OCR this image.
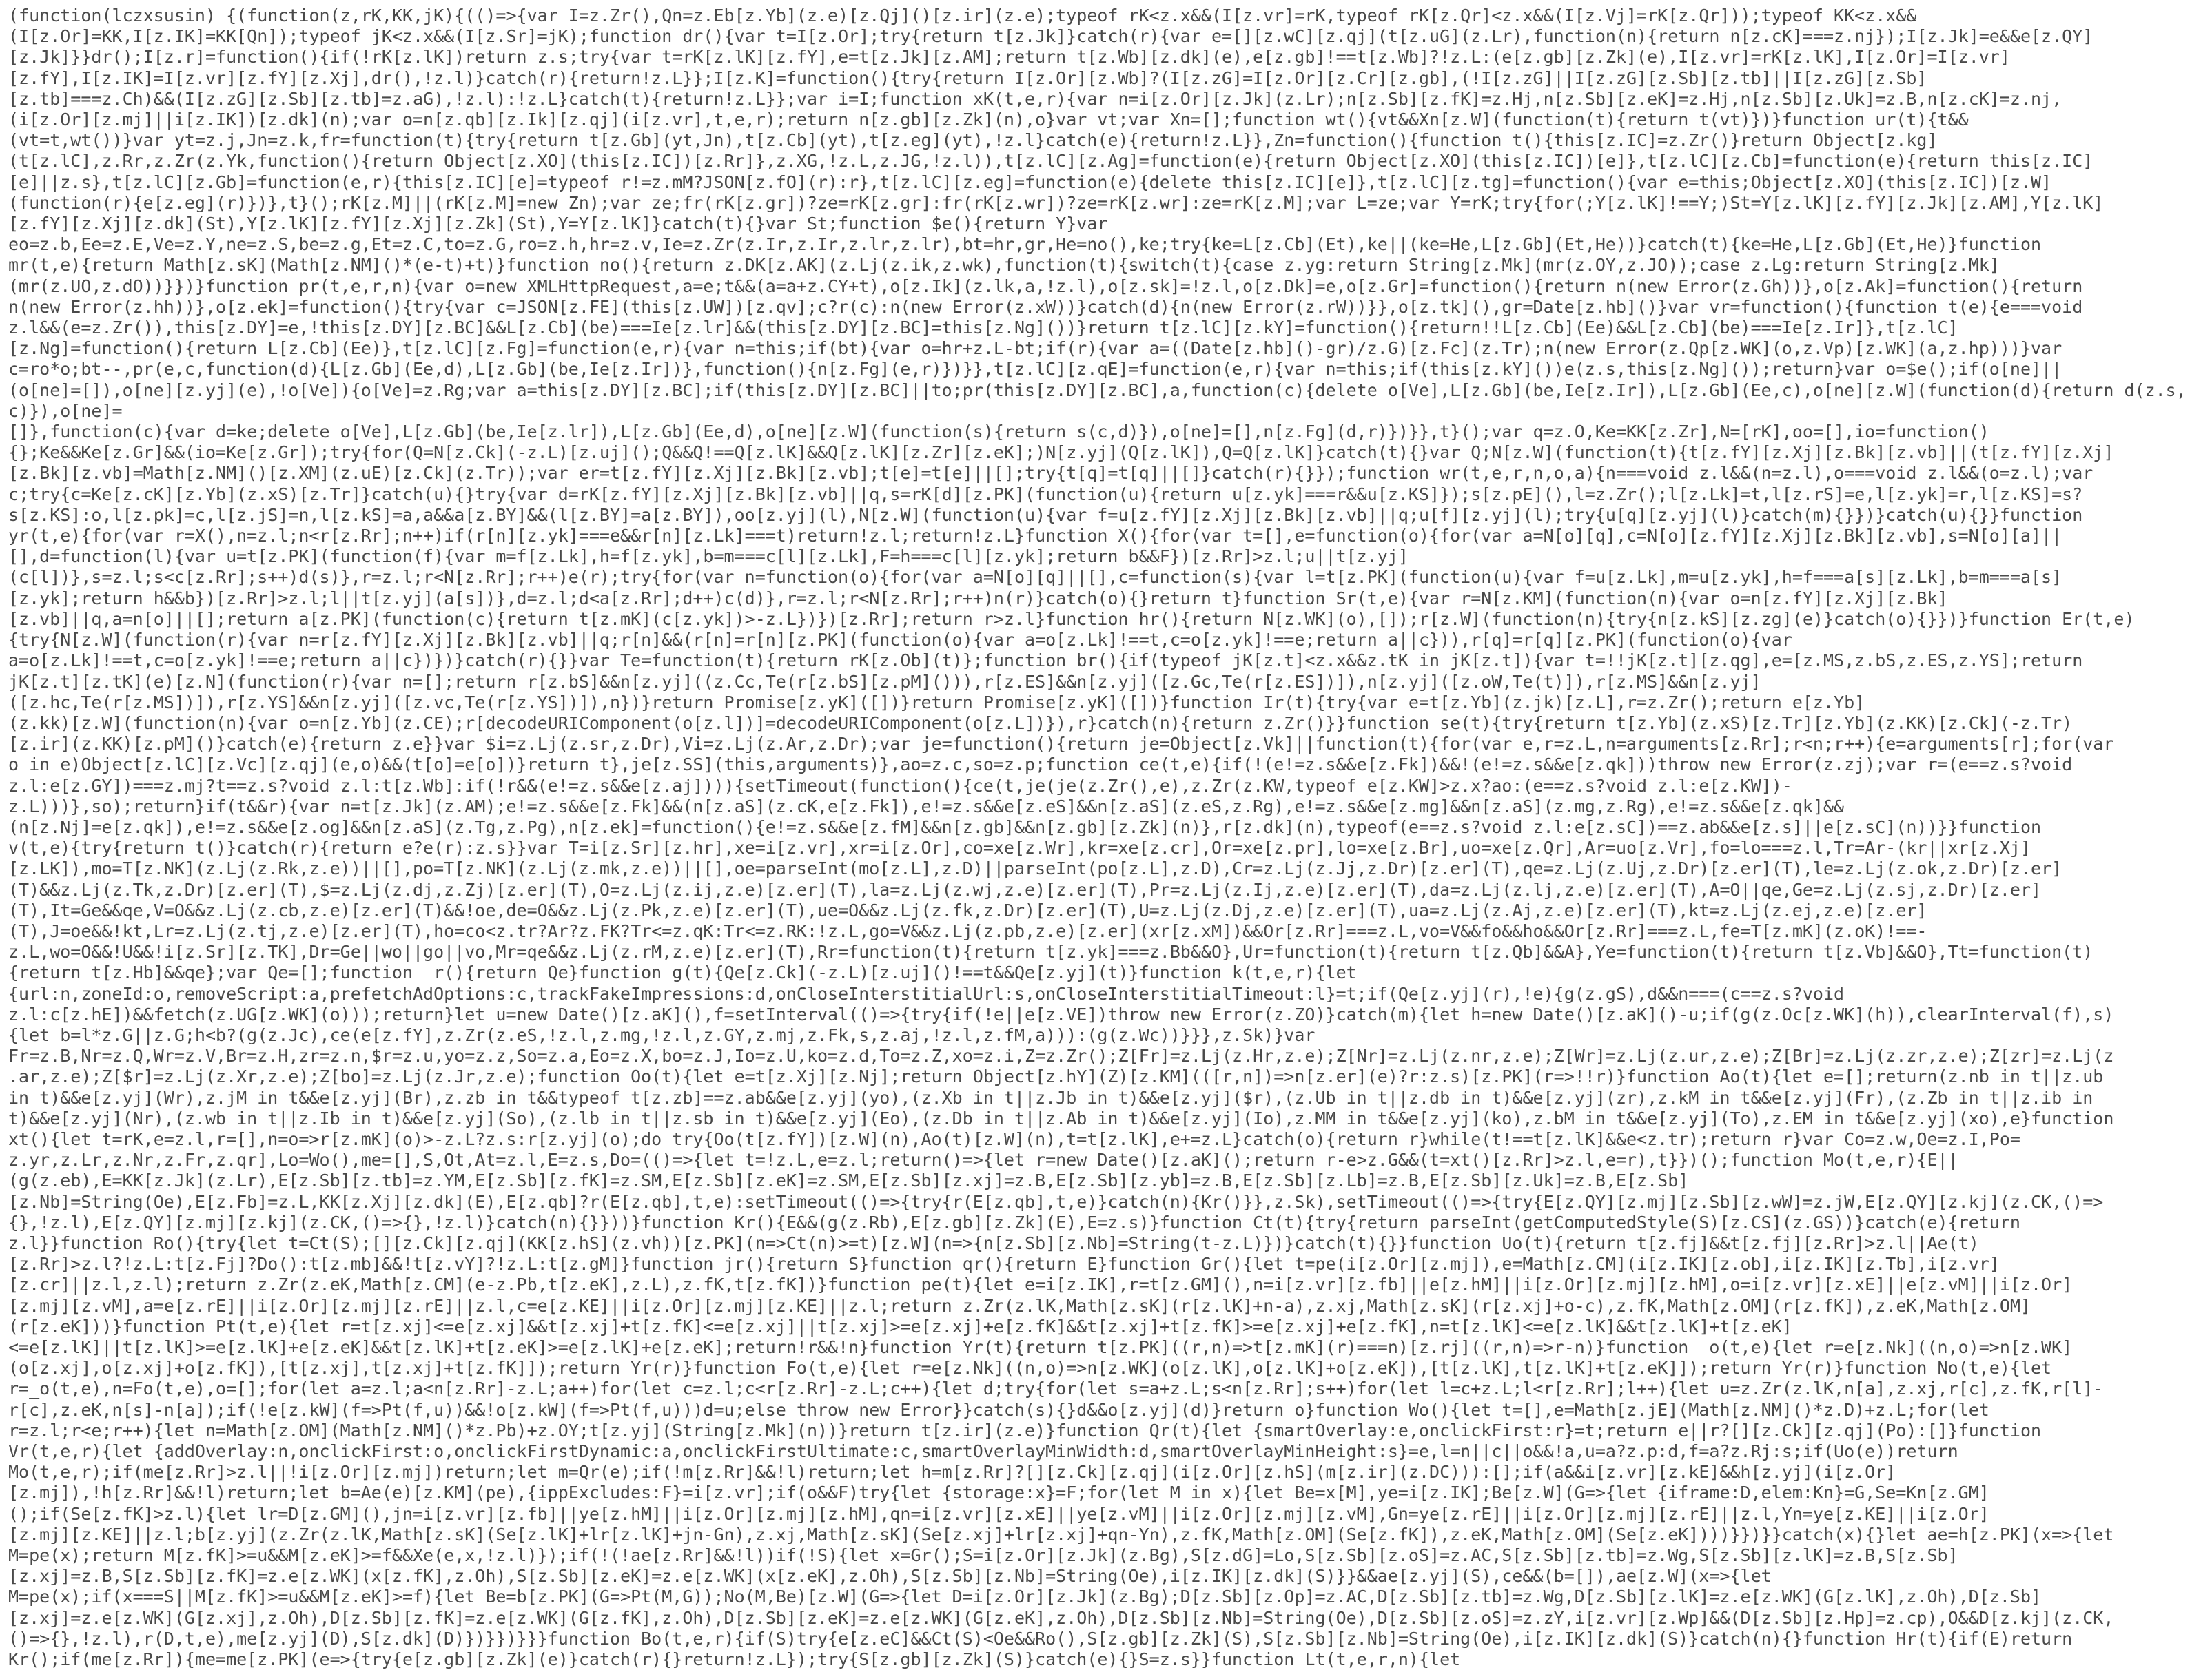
(function(lczxsusin) {(function(z,rK,KK,jK){(()=>{var I=z.Zr(),Qn=z.Eb[z.Yb](z.e)[z.Qj]()[z.ir](z.e);typeof rK<z.x&&(I[z.vr]=rK,typeof rK[z.Qr]<z.x&&(I[z.Vj]=rK[z.Qr]));typeof KK<z.x&&
(I[z.Or]=KK,I[z.IK]=KK[Qn]);typeof jK<z.x&&(I[z.Sr]=jK);function dr(){var t=I[z.Or];try{return t[z.Jk]}catch(r){var e=[][z.wC][z.qj](t[z.uG](z.Lr),function(n){return n[z.cK]===z.nj});I[z.Jk]=e&&e[z.QY]
[z.Jk]}}dr();I[z.r]=function(){if(!rK[z.lK])return z.s;try{var t=rK[z.lK][z.fY],e=t[z.Jk][z.AM];return t[z.Wb][z.dk](e),e[z.gb]!==t[z.Wb]?!z.L:(e[z.gb][z.Zk](e),I[z.vr]=rK[z.lK],I[z.Or]=I[z.vr]
[z.fY],I[z.IK]=I[z.vr][z.fY][z.Xj],dr(),!z.l)}catch(r){return!z.L}};I[z.K]=function(){try{return I[z.Or][z.Wb]?(I[z.zG]=I[z.Or][z.Cr][z.gb],(!I[z.zG]||I[z.zG][z.Sb][z.tb]||I[z.zG][z.Sb]
[z.tb]===z.Ch)&&(I[z.zG][z.Sb][z.tb]=z.aG),!z.l):!z.L}catch(t){return!z.L}};var i=I;function xK(t,e,r){var n=i[z.Or][z.Jk](z.Lr);n[z.Sb][z.fK]=z.Hj,n[z.Sb][z.eK]=z.Hj,n[z.Sb][z.Uk]=z.B,n[z.cK]=z.nj,
(i[z.Or][z.mj]||i[z.IK])[z.dk](n);var o=n[z.qb][z.Ik][z.qj](i[z.vr],t,e,r);return n[z.gb][z.Zk](n),o}var vt;var Xn=[];function wt(){vt&&Xn[z.W](function(t){return t(vt)})}function ur(t){t&&
(vt=t,wt())}var yt=z.j,Jn=z.k,fr=function(t){try{return t[z.Gb](yt,Jn),t[z.Cb](yt),t[z.eg](yt),!z.l}catch(e){return!z.L}},Zn=function(){function t(){this[z.IC]=z.Zr()}return Object[z.kg]
(t[z.lC],z.Rr,z.Zr(z.Yk,function(){return Object[z.XO](this[z.IC])[z.Rr]},z.XG,!z.L,z.JG,!z.l)),t[z.lC][z.Ag]=function(e){return Object[z.XO](this[z.IC])[e]},t[z.lC][z.Cb]=function(e){return this[z.IC]
[e]||z.s},t[z.lC][z.Gb]=function(e,r){this[z.IC][e]=typeof r!=z.mM?JSON[z.fO](r):r},t[z.lC][z.eg]=function(e){delete this[z.IC][e]},t[z.lC][z.tg]=function(){var e=this;Object[z.XO](this[z.IC])[z.W]
(function(r){e[z.eg](r)})},t}();rK[z.M]||(rK[z.M]=new Zn);var ze;fr(rK[z.gr])?ze=rK[z.gr]:fr(rK[z.wr])?ze=rK[z.wr]:ze=rK[z.M];var L=ze;var Y=rK;try{for(;Y[z.lK]!==Y;)St=Y[z.lK][z.fY][z.Jk][z.AM],Y[z.lK]
[z.fY][z.Xj][z.dk](St),Y[z.lK][z.fY][z.Xj][z.Zk](St),Y=Y[z.lK]}catch(t){}var St;function $e(){return Y}var
eo=z.b,Ee=z.E,Ve=z.Y,ne=z.S,be=z.g,Et=z.C,to=z.G,ro=z.h,hr=z.v,Ie=z.Zr(z.Ir,z.Ir,z.lr,z.lr),bt=hr,gr,He=no(),ke;try{ke=L[z.Cb](Et),ke||(ke=He,L[z.Gb](Et,He))}catch(t){ke=He,L[z.Gb](Et,He)}function
mr(t,e){return Math[z.sK](Math[z.NM]()*(e-t)+t)}function no(){return z.DK[z.AK](z.Lj(z.ik,z.wk),function(t){switch(t){case z.yg:return String[z.Mk](mr(z.OY,z.JO));case z.Lg:return String[z.Mk]
(mr(z.UO,z.dO))}})}function pr(t,e,r,n){var o=new XMLHttpRequest,a=e;t&&(a=a+z.CY+t),o[z.Ik](z.lk,a,!z.l),o[z.sk]=!z.l,o[z.Dk]=e,o[z.Gr]=function(){return n(new Error(z.Gh))},o[z.Ak]=function(){return
n(new Error(z.hh))},o[z.ek]=function(){try{var c=JSON[z.FE](this[z.UW])[z.qv];c?r(c):n(new Error(z.xW))}catch(d){n(new Error(z.rW))}},o[z.tk](),gr=Date[z.hb]()}var vr=function(){function t(e){e===void
z.l&&(e=z.Zr()),this[z.DY]=e,!this[z.DY][z.BC]&&L[z.Cb](be)===Ie[z.lr]&&(this[z.DY][z.BC]=this[z.Ng]())}return t[z.lC][z.kY]=function(){return!!L[z.Cb](Ee)&&L[z.Cb](be)===Ie[z.Ir]},t[z.lC]
[z.Ng]=function(){return L[z.Cb](Ee)},t[z.lC][z.Fg]=function(e,r){var n=this;if(bt){var o=hr+z.L-bt;if(r){var a=((Date[z.hb]()-gr)/z.G)[z.Fc](z.Tr);n(new Error(z.Qp[z.WK](o,z.Vp)[z.WK](a,z.hp)))}var
c=ro*o;bt--,pr(e,c,function(d){L[z.Gb](Ee,d),L[z.Gb](be,Ie[z.Ir])},function(){n[z.Fg](e,r)})}},t[z.lC][z.qE]=function(e,r){var n=this;if(this[z.kY]())e(z.s,this[z.Ng]());return}var o=$e();if(o[ne]||
(o[ne]=[]),o[ne][z.yj](e),!o[Ve]){o[Ve]=z.Rg;var a=this[z.DY][z.BC];if(this[z.DY][z.BC]||to;pr(this[z.DY][z.BC],a,function(c){delete o[Ve],L[z.Gb](be,Ie[z.Ir]),L[z.Gb](Ee,c),o[ne][z.W](function(d){return d(z.s,c)}),o[ne]=
[]},function(c){var d=ke;delete o[Ve],L[z.Gb](be,Ie[z.lr]),L[z.Gb](Ee,d),o[ne][z.W](function(s){return s(c,d)}),o[ne]=[],n[z.Fg](d,r)})}},t}();var q=z.O,Ke=KK[z.Zr],N=[rK],oo=[],io=function()
{};Ke&&Ke[z.Gr]&&(io=Ke[z.Gr]);try{for(Q=N[z.Ck](-z.L)[z.uj]();Q&&Q!==Q[z.lK]&&Q[z.lK][z.Zr][z.eK];)N[z.yj](Q[z.lK]),Q=Q[z.lK]}catch(t){}var Q;N[z.W](function(t){t[z.fY][z.Xj][z.Bk][z.vb]||(t[z.fY][z.Xj]
[z.Bk][z.vb]=Math[z.NM]()[z.XM](z.uE)[z.Ck](z.Tr));var er=t[z.fY][z.Xj][z.Bk][z.vb];t[e]=t[e]||[];try{t[q]=t[q]||[]}catch(r){}});function wr(t,e,r,n,o,a){n===void z.l&&(n=z.l),o===void z.l&&(o=z.l);var
c;try{c=Ke[z.cK][z.Yb](z.xS)[z.Tr]}catch(u){}try{var d=rK[z.fY][z.Xj][z.Bk][z.vb]||q,s=rK[d][z.PK](function(u){return u[z.yk]===r&&u[z.KS]});s[z.pE](),l=z.Zr();l[z.Lk]=t,l[z.rS]=e,l[z.yk]=r,l[z.KS]=s?
s[z.KS]:o,l[z.pk]=c,l[z.jS]=n,l[z.kS]=a,a&&a[z.BY]&&(l[z.BY]=a[z.BY]),oo[z.yj](l),N[z.W](function(u){var f=u[z.fY][z.Xj][z.Bk][z.vb]||q;u[f][z.yj](l);try{u[q][z.yj](l)}catch(m){}})}catch(u){}}function
yr(t,e){for(var r=X(),n=z.l;n<r[z.Rr];n++)if(r[n][z.yk]===e&&r[n][z.Lk]===t)return!z.l;return!z.L}function X(){for(var t=[],e=function(o){for(var a=N[o][q],c=N[o][z.fY][z.Xj][z.Bk][z.vb],s=N[o][a]||
[],d=function(l){var u=t[z.PK](function(f){var m=f[z.Lk],h=f[z.yk],b=m===c[l][z.Lk],F=h===c[l][z.yk];return b&&F})[z.Rr]>z.l;u||t[z.yj]
(c[l])},s=z.l;s<c[z.Rr];s++)d(s)},r=z.l;r<N[z.Rr];r++)e(r);try{for(var n=function(o){for(var a=N[o][q]||[],c=function(s){var l=t[z.PK](function(u){var f=u[z.Lk],m=u[z.yk],h=f===a[s][z.Lk],b=m===a[s]
[z.yk];return h&&b})[z.Rr]>z.l;l||t[z.yj](a[s])},d=z.l;d<a[z.Rr];d++)c(d)},r=z.l;r<N[z.Rr];r++)n(r)}catch(o){}return t}function Sr(t,e){var r=N[z.KM](function(n){var o=n[z.fY][z.Xj][z.Bk]
[z.vb]||q,a=n[o]||[];return a[z.PK](function(c){return t[z.mK](c[z.yk])>-z.L})})[z.Rr];return r>z.l}function hr(){return N[z.WK](o),[]);r[z.W](function(n){try{n[z.kS][z.zg](e)}catch(o){}})}function Er(t,e)
{try{N[z.W](function(r){var n=r[z.fY][z.Xj][z.Bk][z.vb]||q;r[n]&&(r[n]=r[n][z.PK](function(o){var a=o[z.Lk]!==t,c=o[z.yk]!==e;return a||c})),r[q]=r[q][z.PK](function(o){var
a=o[z.Lk]!==t,c=o[z.yk]!==e;return a||c})})}catch(r){}}var Te=function(t){return rK[z.Ob](t)};function br(){if(typeof jK[z.t]<z.x&&z.tK in jK[z.t]){var t=!!jK[z.t][z.qg],e=[z.MS,z.bS,z.ES,z.YS];return
jK[z.t][z.tK](e)[z.N](function(r){var n=[];return r[z.bS]&&n[z.yj]((z.Cc,Te(r[z.bS][z.pM]())),r[z.ES]&&n[z.yj]([z.Gc,Te(r[z.ES])]),n[z.yj]([z.oW,Te(t)]),r[z.MS]&&n[z.yj]
([z.hc,Te(r[z.MS])]),r[z.YS]&&n[z.yj]([z.vc,Te(r[z.YS])]),n})}return Promise[z.yK]([])}return Promise[z.yK]([])}function Ir(t){try{var e=t[z.Yb](z.jk)[z.L],r=z.Zr();return e[z.Yb]
(z.kk)[z.W](function(n){var o=n[z.Yb](z.CE);r[decodeURIComponent(o[z.l])]=decodeURIComponent(o[z.L])}),r}catch(n){return z.Zr()}}function se(t){try{return t[z.Yb](z.xS)[z.Tr][z.Yb](z.KK)[z.Ck](-z.Tr)
[z.ir](z.KK)[z.pM]()}catch(e){return z.e}}var $i=z.Lj(z.sr,z.Dr),Vi=z.Lj(z.Ar,z.Dr);var je=function(){return je=Object[z.Vk]||function(t){for(var e,r=z.L,n=arguments[z.Rr];r<n;r++){e=arguments[r];for(var
o in e)Object[z.lC][z.Vc][z.qj](e,o)&&(t[o]=e[o])}return t},je[z.SS](this,arguments)},ao=z.c,so=z.p;function ce(t,e){if(!(e!=z.s&&e[z.Fk])&&!(e!=z.s&&e[z.qk]))throw new Error(z.zj);var r=(e==z.s?void
z.l:e[z.GY])===z.mj?t==z.s?void z.l:t[z.Wb]:if(!r&&(e!=z.s&&e[z.aj]))){setTimeout(function(){ce(t,je(je(z.Zr(),e),z.Zr(z.KW,typeof e[z.KW]>z.x?ao:(e==z.s?void z.l:e[z.KW])-
z.L)))},so);return}if(t&&r){var n=t[z.Jk](z.AM);e!=z.s&&e[z.Fk]&&(n[z.aS](z.cK,e[z.Fk]),e!=z.s&&e[z.eS]&&n[z.aS](z.eS,z.Rg),e!=z.s&&e[z.mg]&&n[z.aS](z.mg,z.Rg),e!=z.s&&e[z.qk]&&
(n[z.Nj]=e[z.qk]),e!=z.s&&e[z.og]&&n[z.aS](z.Tg,z.Pg),n[z.ek]=function(){e!=z.s&&e[z.fM]&&n[z.gb]&&n[z.gb][z.Zk](n)},r[z.dk](n),typeof(e==z.s?void z.l:e[z.sC])==z.ab&&e[z.s]||e[z.sC](n))}}function
v(t,e){try{return t()}catch(r){return e?e(r):z.s}}var T=i[z.Sr][z.hr],xe=i[z.vr],xr=i[z.Or],co=xe[z.Wr],kr=xe[z.cr],Or=xe[z.pr],lo=xe[z.Br],uo=xe[z.Qr],Ar=uo[z.Vr],fo=lo===z.l,Tr=Ar-(kr||xr[z.Xj]
[z.LK]),mo=T[z.NK](z.Lj(z.Rk,z.e))||[],po=T[z.NK](z.Lj(z.mk,z.e))||[],oe=parseInt(mo[z.L],z.D)||parseInt(po[z.L],z.D),Cr=z.Lj(z.Jj,z.Dr)[z.er](T),qe=z.Lj(z.Uj,z.Dr)[z.er](T),le=z.Lj(z.ok,z.Dr)[z.er]
(T)&&z.Lj(z.Tk,z.Dr)[z.er](T),$=z.Lj(z.dj,z.Zj)[z.er](T),O=z.Lj(z.ij,z.e)[z.er](T),la=z.Lj(z.wj,z.e)[z.er](T),Pr=z.Lj(z.Ij,z.e)[z.er](T),da=z.Lj(z.lj,z.e)[z.er](T),A=O||qe,Ge=z.Lj(z.sj,z.Dr)[z.er]
(T),It=Ge&&qe,V=O&&z.Lj(z.cb,z.e)[z.er](T)&&!oe,de=O&&z.Lj(z.Pk,z.e)[z.er](T),ue=O&&z.Lj(z.fk,z.Dr)[z.er](T),U=z.Lj(z.Dj,z.e)[z.er](T),ua=z.Lj(z.Aj,z.e)[z.er](T),kt=z.Lj(z.ej,z.e)[z.er]
(T),J=oe&&!kt,Lr=z.Lj(z.tj,z.e)[z.er](T),ho=co<z.tr?Ar?z.FK?Tr<=z.qK:Tr<=z.RK:!z.L,go=V&&z.Lj(z.pb,z.e)[z.er](xr[z.xM])&&Or[z.Rr]===z.L,vo=V&&fo&&ho&&Or[z.Rr]===z.L,fe=T[z.mK](z.oK)!==-
z.L,wo=O&&!U&&!i[z.Sr][z.TK],Dr=Ge||wo||go||vo,Mr=qe&&z.Lj(z.rM,z.e)[z.er](T),Rr=function(t){return t[z.yk]===z.Bb&&O},Ur=function(t){return t[z.Qb]&&A},Ye=function(t){return t[z.Vb]&&O},Tt=function(t)
{return t[z.Hb]&&qe};var Qe=[];function _r(){return Qe}function g(t){Qe[z.Ck](-z.L)[z.uj]()!==t&&Qe[z.yj](t)}function k(t,e,r){let
{url:n,zoneId:o,removeScript:a,prefetchAdOptions:c,trackFakeImpressions:d,onCloseInterstitialUrl:s,onCloseInterstitialTimeout:l}=t;if(Qe[z.yj](r),!e){g(z.gS),d&&n===(c==z.s?void
z.l:c[z.hE])&&fetch(z.UG[z.WK](o)));return}let u=new Date()[z.aK](),f=setInterval(()=>{try{if(!e||e[z.VE])throw new Error(z.ZO)}catch(m){let h=new Date()[z.aK]()-u;if(g(z.Oc[z.WK](h)),clearInterval(f),s)
{let b=l*z.G||z.G;h<b?(g(z.Jc),ce(e[z.fY],z.Zr(z.eS,!z.l,z.mg,!z.l,z.GY,z.mj,z.Fk,s,z.aj,!z.l,z.fM,a))):(g(z.Wc))}}},z.Sk)}var
Fr=z.B,Nr=z.Q,Wr=z.V,Br=z.H,zr=z.n,$r=z.u,yo=z.z,So=z.a,Eo=z.X,bo=z.J,Io=z.U,ko=z.d,To=z.Z,xo=z.i,Z=z.Zr();Z[Fr]=z.Lj(z.Hr,z.e);Z[Nr]=z.Lj(z.nr,z.e);Z[Wr]=z.Lj(z.ur,z.e);Z[Br]=z.Lj(z.zr,z.e);Z[zr]=z.Lj(z
.ar,z.e);Z[$r]=z.Lj(z.Xr,z.e);Z[bo]=z.Lj(z.Jr,z.e);function Oo(t){let e=t[z.Xj][z.Nj];return Object[z.hY](Z)[z.KM](([r,n])=>n[z.er](e)?r:z.s)[z.PK](r=>!!r)}function Ao(t){let e=[];return(z.nb in t||z.ub
in t)&&e[z.yj](Wr),z.jM in t&&e[z.yj](Br),z.zb in t&&typeof t[z.zb]==z.ab&&e[z.yj](yo),(z.Xb in t||z.Jb in t)&&e[z.yj]($r),(z.Ub in t||z.db in t)&&e[z.yj](zr),z.kM in t&&e[z.yj](Fr),(z.Zb in t||z.ib in
t)&&e[z.yj](Nr),(z.wb in t||z.Ib in t)&&e[z.yj](So),(z.lb in t||z.sb in t)&&e[z.yj](Eo),(z.Db in t||z.Ab in t)&&e[z.yj](Io),z.MM in t&&e[z.yj](ko),z.bM in t&&e[z.yj](To),z.EM in t&&e[z.yj](xo),e}function
xt(){let t=rK,e=z.l,r=[],n=o=>r[z.mK](o)>-z.L?z.s:r[z.yj](o);do try{Oo(t[z.fY])[z.W](n),Ao(t)[z.W](n),t=t[z.lK],e+=z.L}catch(o){return r}while(t!==t[z.lK]&&e<z.tr);return r}var Co=z.w,Oe=z.I,Po=
z.yr,z.Lr,z.Nr,z.Fr,z.qr],Lo=Wo(),me=[],S,Ot,At=z.l,E=z.s,Do=(()=>{let t=!z.L,e=z.l;return()=>{let r=new Date()[z.aK]();return r-e>z.G&&(t=xt()[z.Rr]>z.l,e=r),t}})();function Mo(t,e,r){E||
(g(z.eb),E=KK[z.Jk](z.Lr),E[z.Sb][z.tb]=z.YM,E[z.Sb][z.fK]=z.SM,E[z.Sb][z.eK]=z.SM,E[z.Sb][z.xj]=z.B,E[z.Sb][z.yb]=z.B,E[z.Sb][z.Lb]=z.B,E[z.Sb][z.Uk]=z.B,E[z.Sb]
[z.Nb]=String(Oe),E[z.Fb]=z.L,KK[z.Xj][z.dk](E),E[z.qb]?r(E[z.qb],t,e):setTimeout(()=>{try{r(E[z.qb],t,e)}catch(n){Kr()}},z.Sk),setTimeout(()=>{try{E[z.QY][z.mj][z.Sb][z.wW]=z.jW,E[z.QY][z.kj](z.CK,()=>
{},!z.l),E[z.QY][z.mj][z.kj](z.CK,()=>{},!z.l)}catch(n){}}))}function Kr(){E&&(g(z.Rb),E[z.gb][z.Zk](E),E=z.s)}function Ct(t){try{return parseInt(getComputedStyle(S)[z.CS](z.GS))}catch(e){return
z.l}}function Ro(){try{let t=Ct(S);[][z.Ck][z.qj](KK[z.hS](z.vh))[z.PK](n=>Ct(n)>=t)[z.W](n=>{n[z.Sb][z.Nb]=String(t-z.L)})}catch(t){}}function Uo(t){return t[z.fj]&&t[z.fj][z.Rr]>z.l||Ae(t)
[z.Rr]>z.l?!z.L:t[z.Fj]?Do():t[z.mb]&&!t[z.vY]?!z.L:t[z.gM]}function jr(){return S}function qr(){return E}function Gr(){let t=pe(i[z.Or][z.mj]),e=Math[z.CM](i[z.IK][z.ob],i[z.IK][z.Tb],i[z.vr]
[z.cr]||z.l,z.l);return z.Zr(z.eK,Math[z.CM](e-z.Pb,t[z.eK],z.L),z.fK,t[z.fK])}function pe(t){let e=i[z.IK],r=t[z.GM](),n=i[z.vr][z.fb]||e[z.hM]||i[z.Or][z.mj][z.hM],o=i[z.vr][z.xE]||e[z.vM]||i[z.Or]
[z.mj][z.vM],a=e[z.rE]||i[z.Or][z.mj][z.rE]||z.l,c=e[z.KE]||i[z.Or][z.mj][z.KE]||z.l;return z.Zr(z.lK,Math[z.sK](r[z.lK]+n-a),z.xj,Math[z.sK](r[z.xj]+o-c),z.fK,Math[z.OM](r[z.fK]),z.eK,Math[z.OM]
(r[z.eK]))}function Pt(t,e){let r=t[z.xj]<=e[z.xj]&&t[z.xj]+t[z.fK]<=e[z.xj]||t[z.xj]>=e[z.xj]+e[z.fK]&&t[z.xj]+t[z.fK]>=e[z.xj]+e[z.fK],n=t[z.lK]<=e[z.lK]&&t[z.lK]+t[z.eK]
<=e[z.lK]||t[z.lK]>=e[z.lK]+e[z.eK]&&t[z.lK]+t[z.eK]>=e[z.lK]+e[z.eK];return!r&&!n}function Yr(t){return t[z.PK]((r,n)=>t[z.mK](r)===n)[z.rj]((r,n)=>r-n)}function _o(t,e){let r=e[z.Nk]((n,o)=>n[z.WK]
(o[z.xj],o[z.xj]+o[z.fK]),[t[z.xj],t[z.xj]+t[z.fK]]);return Yr(r)}function Fo(t,e){let r=e[z.Nk]((n,o)=>n[z.WK](o[z.lK],o[z.lK]+o[z.eK]),[t[z.lK],t[z.lK]+t[z.eK]]);return Yr(r)}function No(t,e){let
r=_o(t,e),n=Fo(t,e),o=[];for(let a=z.l;a<n[z.Rr]-z.L;a++)for(let c=z.l;c<r[z.Rr]-z.L;c++){let d;try{for(let s=a+z.L;s<n[z.Rr];s++)for(let l=c+z.L;l<r[z.Rr];l++){let u=z.Zr(z.lK,n[a],z.xj,r[c],z.fK,r[l]-
r[c],z.eK,n[s]-n[a]);if(!e[z.kW](f=>Pt(f,u))&&!o[z.kW](f=>Pt(f,u)))d=u;else throw new Error}}catch(s){}d&&o[z.yj](d)}return o}function Wo(){let t=[],e=Math[z.jE](Math[z.NM]()*z.D)+z.L;for(let
r=z.l;r<e;r++){let n=Math[z.OM](Math[z.NM]()*z.Pb)+z.OY;t[z.yj](String[z.Mk](n))}return t[z.ir](z.e)}function Qr(t){let {smartOverlay:e,onclickFirst:r}=t;return e||r?[][z.Ck][z.qj](Po):[]}function
Vr(t,e,r){let {addOverlay:n,onclickFirst:o,onclickFirstDynamic:a,onclickFirstUltimate:c,smartOverlayMinWidth:d,smartOverlayMinHeight:s}=e,l=n||c||o&&!a,u=a?z.p:d,f=a?z.Rj:s;if(Uo(e))return
Mo(t,e,r);if(me[z.Rr]>z.l||!i[z.Or][z.mj])return;let m=Qr(e);if(!m[z.Rr]&&!l)return;let h=m[z.Rr]?[][z.Ck][z.qj](i[z.Or][z.hS](m[z.ir](z.DC))):[];if(a&&i[z.vr][z.kE]&&h[z.yj](i[z.Or]
[z.mj]),!h[z.Rr]&&!l)return;let b=Ae(e)[z.KM](pe),{ippExcludes:F}=i[z.vr];if(o&&F)try{let {storage:x}=F;for(let M in x){let Be=x[M],ye=i[z.IK];Be[z.W](G=>{let {iframe:D,elem:Kn}=G,Se=Kn[z.GM]
();if(Se[z.fK]>z.l){let lr=D[z.GM](),jn=i[z.vr][z.fb]||ye[z.hM]||i[z.Or][z.mj][z.hM],qn=i[z.vr][z.xE]||ye[z.vM]||i[z.Or][z.mj][z.vM],Gn=ye[z.rE]||i[z.Or][z.mj][z.rE]||z.l,Yn=ye[z.KE]||i[z.Or]
[z.mj][z.KE]||z.l;b[z.yj](z.Zr(z.lK,Math[z.sK](Se[z.lK]+lr[z.lK]+jn-Gn),z.xj,Math[z.sK](Se[z.xj]+lr[z.xj]+qn-Yn),z.fK,Math[z.OM](Se[z.fK]),z.eK,Math[z.OM](Se[z.eK])))}})}}catch(x){}let ae=h[z.PK](x=>{let
M=pe(x);return M[z.fK]>=u&&M[z.eK]>=f&&Xe(e,x,!z.l)});if(!(!ae[z.Rr]&&!l))if(!S){let x=Gr();S=i[z.Or][z.Jk](z.Bg),S[z.dG]=Lo,S[z.Sb][z.oS]=z.AC,S[z.Sb][z.tb]=z.Wg,S[z.Sb][z.lK]=z.B,S[z.Sb]
[z.xj]=z.B,S[z.Sb][z.fK]=z.e[z.WK](x[z.fK],z.Oh),S[z.Sb][z.eK]=z.e[z.WK](x[z.eK],z.Oh),S[z.Sb][z.Nb]=String(Oe),i[z.IK][z.dk](S)}}&&ae[z.yj](S),ce&&(b=[]),ae[z.W](x=>{let
M=pe(x);if(x===S||M[z.fK]>=u&&M[z.eK]>=f){let Be=b[z.PK](G=>Pt(M,G));No(M,Be)[z.W](G=>{let D=i[z.Or][z.Jk](z.Bg);D[z.Sb][z.Op]=z.AC,D[z.Sb][z.tb]=z.Wg,D[z.Sb][z.lK]=z.e[z.WK](G[z.lK],z.Oh),D[z.Sb]
[z.xj]=z.e[z.WK](G[z.xj],z.Oh),D[z.Sb][z.fK]=z.e[z.WK](G[z.fK],z.Oh),D[z.Sb][z.eK]=z.e[z.WK](G[z.eK],z.Oh),D[z.Sb][z.Nb]=String(Oe),D[z.Sb][z.oS]=z.zY,i[z.vr][z.Wp]&&(D[z.Sb][z.Hp]=z.cp),O&&D[z.kj](z.CK,
()=>{},!z.l),r(D,t,e),me[z.yj](D),S[z.dk](D)})}})}}}function Bo(t,e,r){if(S)try{e[z.eC]&&Ct(S)<Oe&&Ro(),S[z.gb][z.Zk](S),S[z.Sb][z.Nb]=String(Oe),i[z.IK][z.dk](S)}catch(n){}function Hr(t){if(E)return
Kr();if(me[z.Rr]){me=me[z.PK](e=>{try{e[z.gb][z.Zk](e)}catch(r){}return!z.L});try{S[z.gb][z.Zk](S)}catch(e){}S=z.s}}function Lt(t,e,r,n){let
